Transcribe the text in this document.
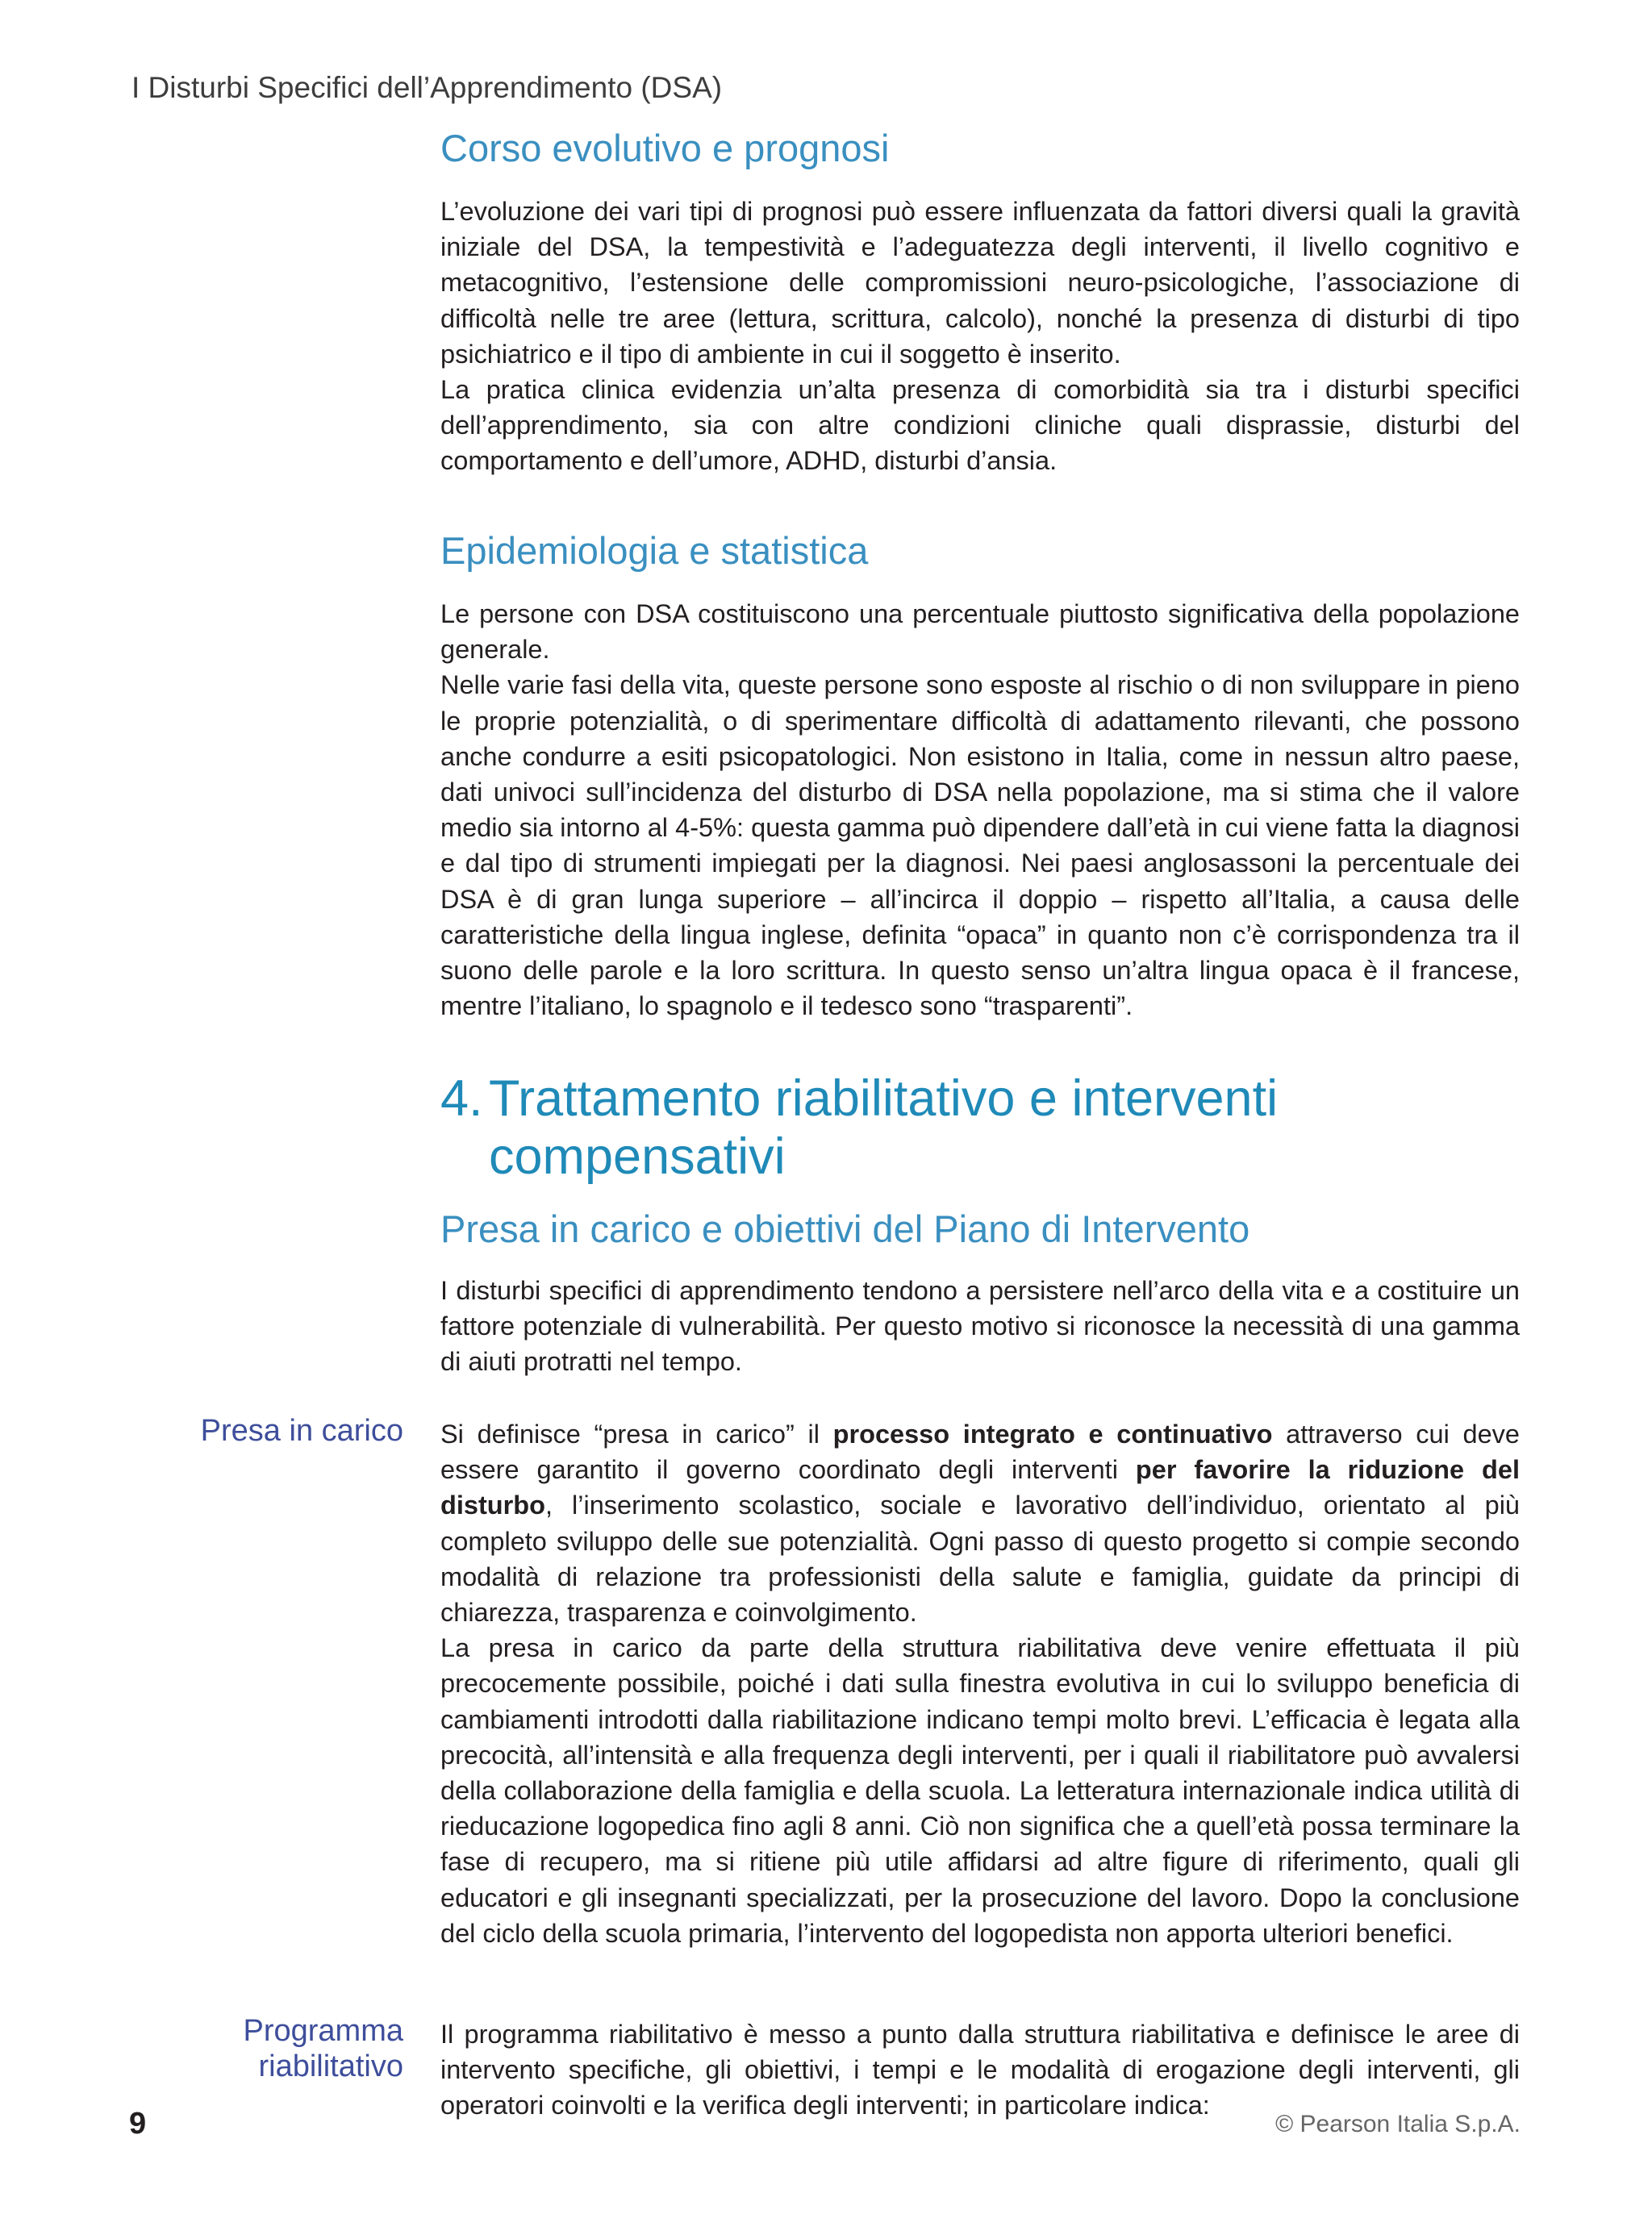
I Disturbi Specifici dell’Apprendimento (DSA)
Corso evolutivo e prognosi

L’evoluzione dei vari tipi di prognosi può essere influenzata da fattori diversi quali la gravità iniziale del DSA, la tempestività e l’adeguatezza degli interventi, il livello cognitivo e metacognitivo, l’estensione delle compromissioni neuro-psicologiche, l’associazione di difficoltà nelle tre aree (lettura, scrittura, calcolo), nonché la presenza di disturbi di tipo psichiatrico e il tipo di ambiente in cui il soggetto è inserito.

La pratica clinica evidenzia un’alta presenza di comorbidità sia tra i disturbi specifici dell’apprendimento, sia con altre condizioni cliniche quali disprassie, disturbi del comportamento e dell’umore, ADHD, disturbi d’ansia.

Epidemiologia e statistica

Le persone con DSA costituiscono una percentuale piuttosto significativa della popolazione generale.

Nelle varie fasi della vita, queste persone sono esposte al rischio o di non sviluppare in pieno le proprie potenzialità, o di sperimentare difficoltà di adattamento rilevanti, che possono anche condurre a esiti psicopatologici. Non esistono in Italia, come in nessun altro paese, dati univoci sull’incidenza del disturbo di DSA nella popolazione, ma si stima che il valore medio sia intorno al 4-5%: questa gamma può dipendere dall’età in cui viene fatta la diagnosi e dal tipo di strumenti impiegati per la diagnosi. Nei paesi anglosassoni la percentuale dei DSA è di gran lunga superiore – all’incirca il doppio – rispetto all’Italia, a causa delle caratteristiche della lingua inglese, definita “opaca” in quanto non c’è corrispondenza tra il suono delle parole e la loro scrittura. In questo senso un’altra lingua opaca è il francese, mentre l’italiano, lo spagnolo e il tedesco sono “trasparenti”.

4. Trattamento riabilitativo e interventi
compensativi
Presa in carico e obiettivi del Piano di Intervento

I disturbi specifici di apprendimento tendono a persistere nell’arco della vita e a costituire un fattore potenziale di vulnerabilità. Per questo motivo si riconosce la necessità di una gamma di aiuti protratti nel tempo.

Presa in carico Si definisce “presa in carico” il processo integrato e continuativo attraverso cui deve essere garantito il governo coordinato degli interventi per favorire la riduzione del disturbo, l’inserimento scolastico, sociale e lavorativo dell’individuo, orientato al più completo sviluppo delle sue potenzialità. Ogni passo di questo progetto si compie secondo modalità di relazione tra professionisti della salute e famiglia, guidate da principi di chiarezza, trasparenza e coinvolgimento.

La presa in carico da parte della struttura riabilitativa deve venire effettuata il più precocemente possibile, poiché i dati sulla finestra evolutiva in cui lo sviluppo beneficia di cambiamenti introdotti dalla riabilitazione indicano tempi molto brevi. L’efficacia è legata alla precocità, all’intensità e alla frequenza degli interventi, per i quali il riabilitatore può avvalersi della collaborazione della famiglia e della scuola. La letteratura internazionale indica utilità di rieducazione logopedica fino agli 8 anni. Ciò non significa che a quell’età possa terminare la fase di recupero, ma si ritiene più utile affidarsi ad altre figure di riferimento, quali gli educatori e gli insegnanti specializzati, per la prosecuzione del lavoro. Dopo la conclusione del ciclo della scuola primaria, l’intervento del logopedista non apporta ulteriori benefici.

Programma
riabilitativo

Il programma riabilitativo è messo a punto dalla struttura riabilitativa e definisce le aree di intervento specifiche, gli obiettivi, i tempi e le modalità di erogazione degli interventi, gli operatori coinvolti e la verifica degli interventi; in particolare indica:

9	© Pearson Italia S.p.A.
